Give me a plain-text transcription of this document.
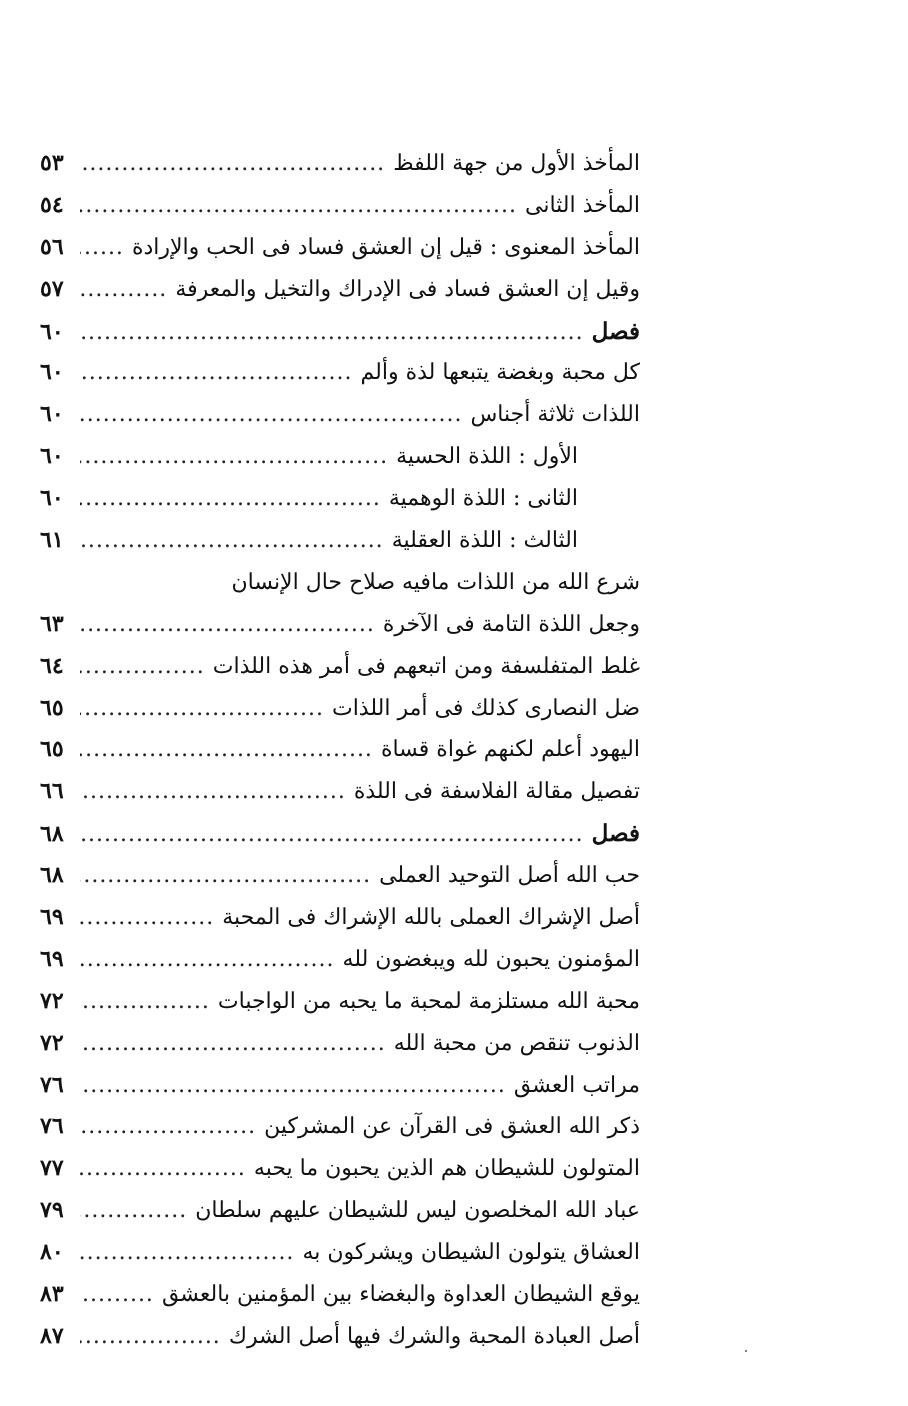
المأخذ الأول من جهة اللفظ
.....
٥٣
المأخذ الثانى
.....
٥٤
المأخذ المعنوى : قيل إن العشق فساد فى الحب والإرادة
.....
٥٦
وقيل إن العشق فساد فى الإدراك والتخيل والمعرفة
.....
٥٧
فصل
.....
٦٠
كل محبة وبغضة يتبعها لذة وألم
.....
٦٠
اللذات ثلاثة أجناس
.....
٦٠
الأول : اللذة الحسية
.....
٦٠
الثانى : اللذة الوهمية
.....
٦٠
الثالث : اللذة العقلية
.....
٦١
شرع الله من اللذات مافيه صلاح حال الإنسان
وجعل اللذة التامة فى الآخرة
.....
٦٣
غلط المتفلسفة ومن اتبعهم فى أمر هذه اللذات
.....
٦٤
ضل النصارى كذلك فى أمر اللذات
.....
٦٥
اليهود أعلم لكنهم غواة قساة
.....
٦٥
تفصيل مقالة الفلاسفة فى اللذة
.....
٦٦
فصل
.....
٦٨
حب الله أصل التوحيد العملى
.....
٦٨
أصل الإشراك العملى بالله الإشراك فى المحبة
.....
٦٩
المؤمنون يحبون لله ويبغضون لله
.....
٦٩
محبة الله مستلزمة لمحبة ما يحبه من الواجبات
.....
٧٢
الذنوب تنقص من محبة الله
.....
٧٢
مراتب العشق
.....
٧٦
ذكر الله العشق فى القرآن عن المشركين
.....
٧٦
المتولون للشيطان هم الذين يحبون ما يحبه
.....
٧٧
عباد الله المخلصون ليس للشيطان عليهم سلطان
.....
٧٩
العشاق يتولون الشيطان ويشركون به
.....
٨٠
يوقع الشيطان العداوة والبغضاء بين المؤمنين بالعشق
.....
٨٣
أصل العبادة المحبة والشرك فيها أصل الشرك
.....
٨٧
